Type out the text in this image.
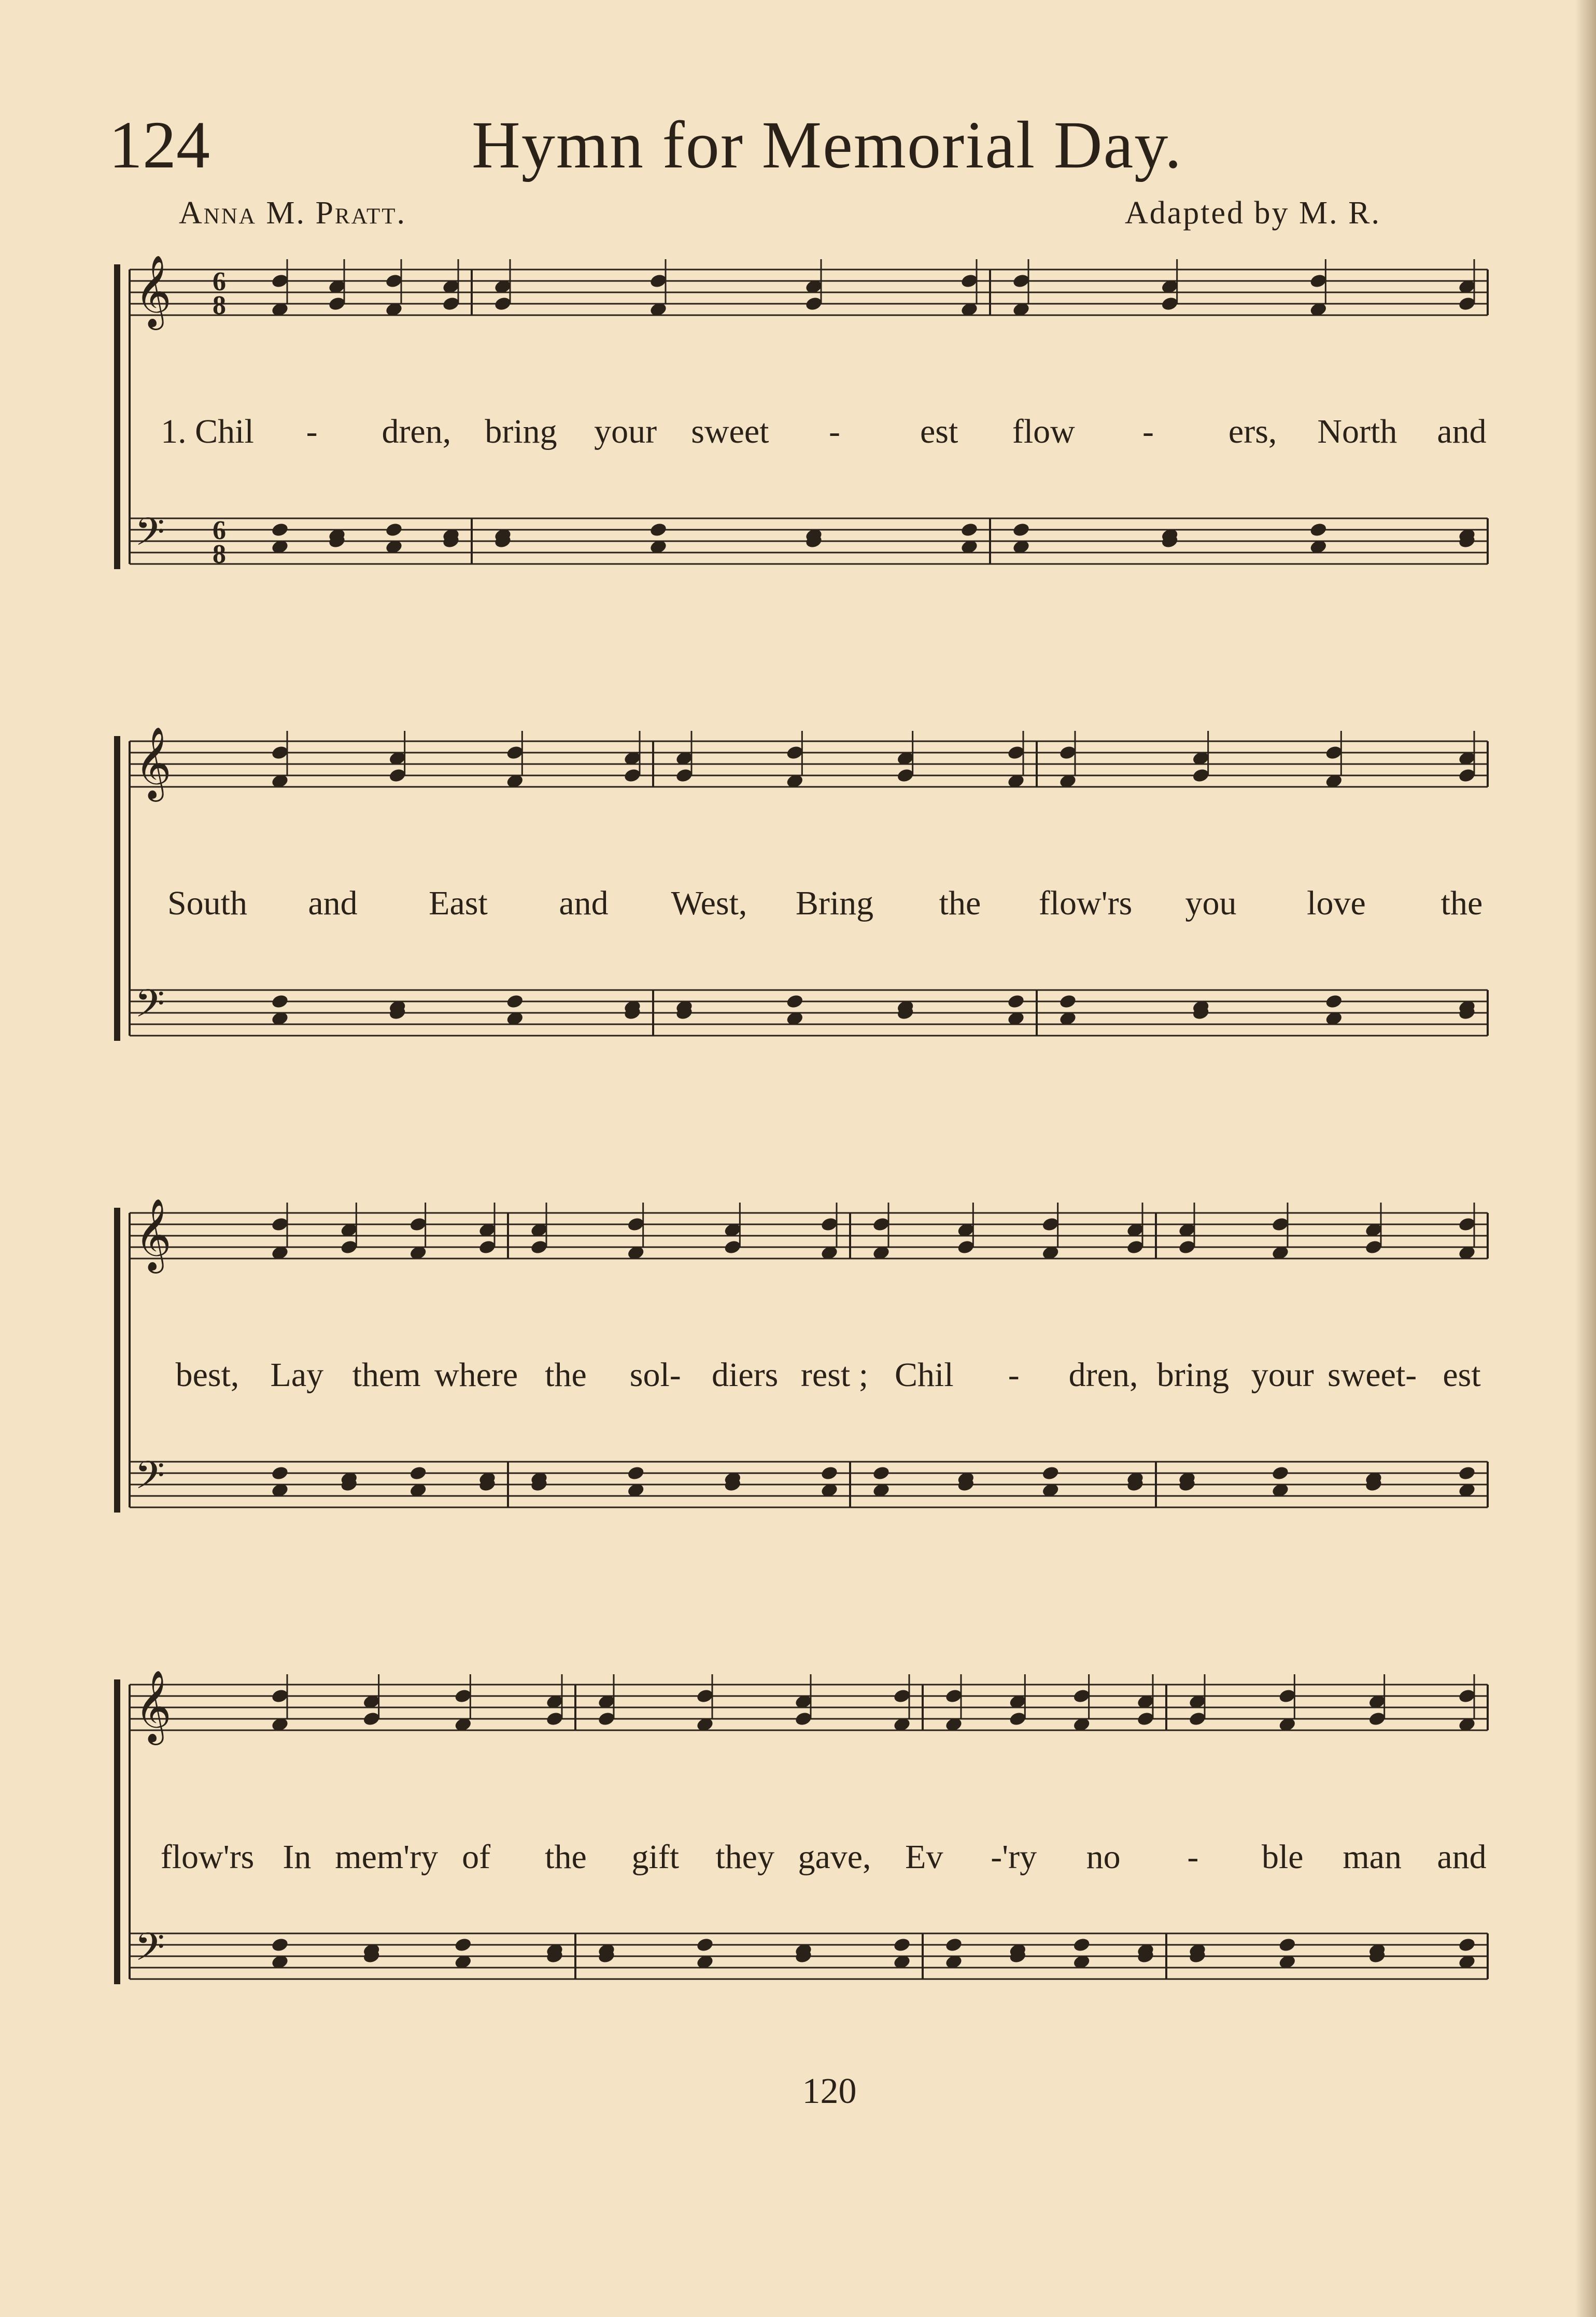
124	Hymn for Memorial Day.
Anna M. Pratt.	Adapted by M. R.
𝄞 6
8
𝄢 6
8
1. Chil - dren, bring your sweet - est flow - ers, North and
𝄞
𝄢
South and East and West, Bring the flow'rs you love the
𝄞
𝄢
best, Lay them where the sol- diers rest ; Chil - dren, bring your sweet- est
𝄞
𝄢
flow'rs In mem'ry of the gift they gave, Ev -'ry no - ble man and
120
